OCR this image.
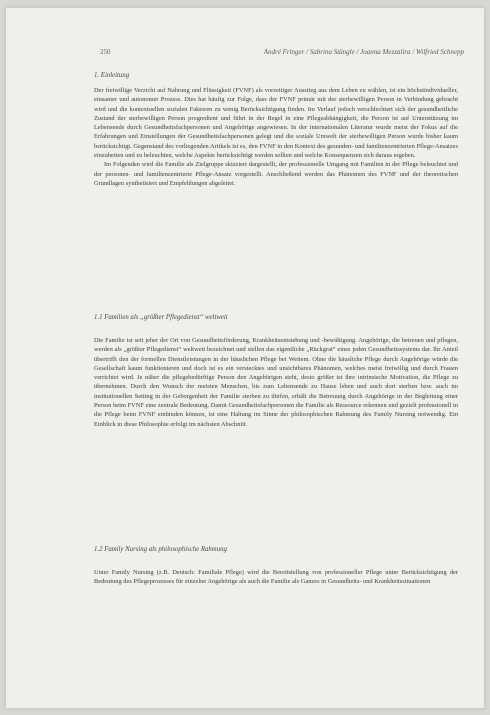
250	André Fringer / Sabrina Stängle / Joanna Mezzalira / Wilfried Schnepp
1. Einleitung

Der freiwillige Verzicht auf Nahrung und Flüssigkeit (FVNF) als vorzeitiger Ausstieg aus dem Leben zu wählen, ist ein höchstindividueller, einsamer und autonomer Prozess. Dies hat häufig zur Folge, dass der FVNF primär mit der sterbewilligen Person in Verbindung gebracht wird und die kontextuellen sozialen Faktoren zu wenig Berücksichtigung finden. Im Verlauf jedoch verschlechtert sich der gesundheitliche Zustand der sterbewilligen Person progredient und führt in der Regel in eine Pflegeabhängigkeit, die Person ist auf Unterstützung im Lebensende durch Gesundheitsfachpersonen und Angehörige angewiesen. In der internationalen Literatur wurde meist der Fokus auf die Erfahrungen und Einstellungen der Gesundheitsfachpersonen gelegt und die soziale Umwelt der sterbewilligen Person wurde bisher kaum berücksichtigt. Gegenstand des vorliegenden Artikels ist es, den FVNF in den Kontext des gesunden- und familienzentrierten Pflege-Ansatzes einzubetten und zu beleuchten, welche Aspekte berücksichtigt werden sollten und welche Konsequenzen sich daraus ergeben.

Im Folgenden wird die Familie als Zielgruppe skizziert dargestellt, der professionelle Umgang mit Familien in der Pflege beleuchtet und der personen- und familienzentrierte Pflege-Ansatz vorgestellt. Anschließend werden das Phänomen des FVNF und der theoretischen Grundlagen synthetisiert und Empfehlungen abgeleitet.

1.1 Familien als „größter Pflegedienst“ weltweit

Die Familie ist seit jeher der Ort von Gesundheitsförderung, Krankheitsentstehung und -bewältigung. Angehörige, die betreuen und pflegen, werden als „größter Pflegedienst“ weltweit bezeichnet und stellen das eigentliche „Rückgrat“ eines jeden Gesundheitssystems dar. Ihr Anteil übertrifft den der formellen Dienstleistungen in der häuslichen Pflege bei Weitem. Ohne die häusliche Pflege durch Angehörige würde die Gesellschaft kaum funktionieren und doch ist es ein verstecktes und unsichtbares Phänomen, welches meist freiwillig und durch Frauen verrichtet wird. Je näher die pflegebedürftige Person den Angehörigen steht, desto größer ist ihre intrinsische Motivation, die Pflege zu übernehmen. Durch den Wunsch der meisten Menschen, bis zum Lebensende zu Hause leben und auch dort sterben bzw. auch im institutionellen Setting in der Geborgenheit der Familie sterben zu dürfen, erhält die Betreuung durch Angehörige in der Begleitung einer Person beim FVNF eine zentrale Bedeutung. Damit Gesundheitsfachpersonen die Familie als Ressource erkennen und gezielt professionell in die Pflege beim FVNF einbinden können, ist eine Haltung im Sinne der philosophischen Rahmung des Family Nursing notwendig. Ein Einblick in diese Philosophie erfolgt im nächsten Abschnitt.

1.2 Family Nursing als philosophische Rahmung

Unter Family Nursing (z.B. Deutsch: Familiale Pflege) wird die Bereitstellung von professioneller Pflege unter Berücksichtigung der Bedeutung des Pflegeprozesses für einzelne Angehörige als auch die Familie als Ganzes in Gesundheits- und Krankheitssituationen
